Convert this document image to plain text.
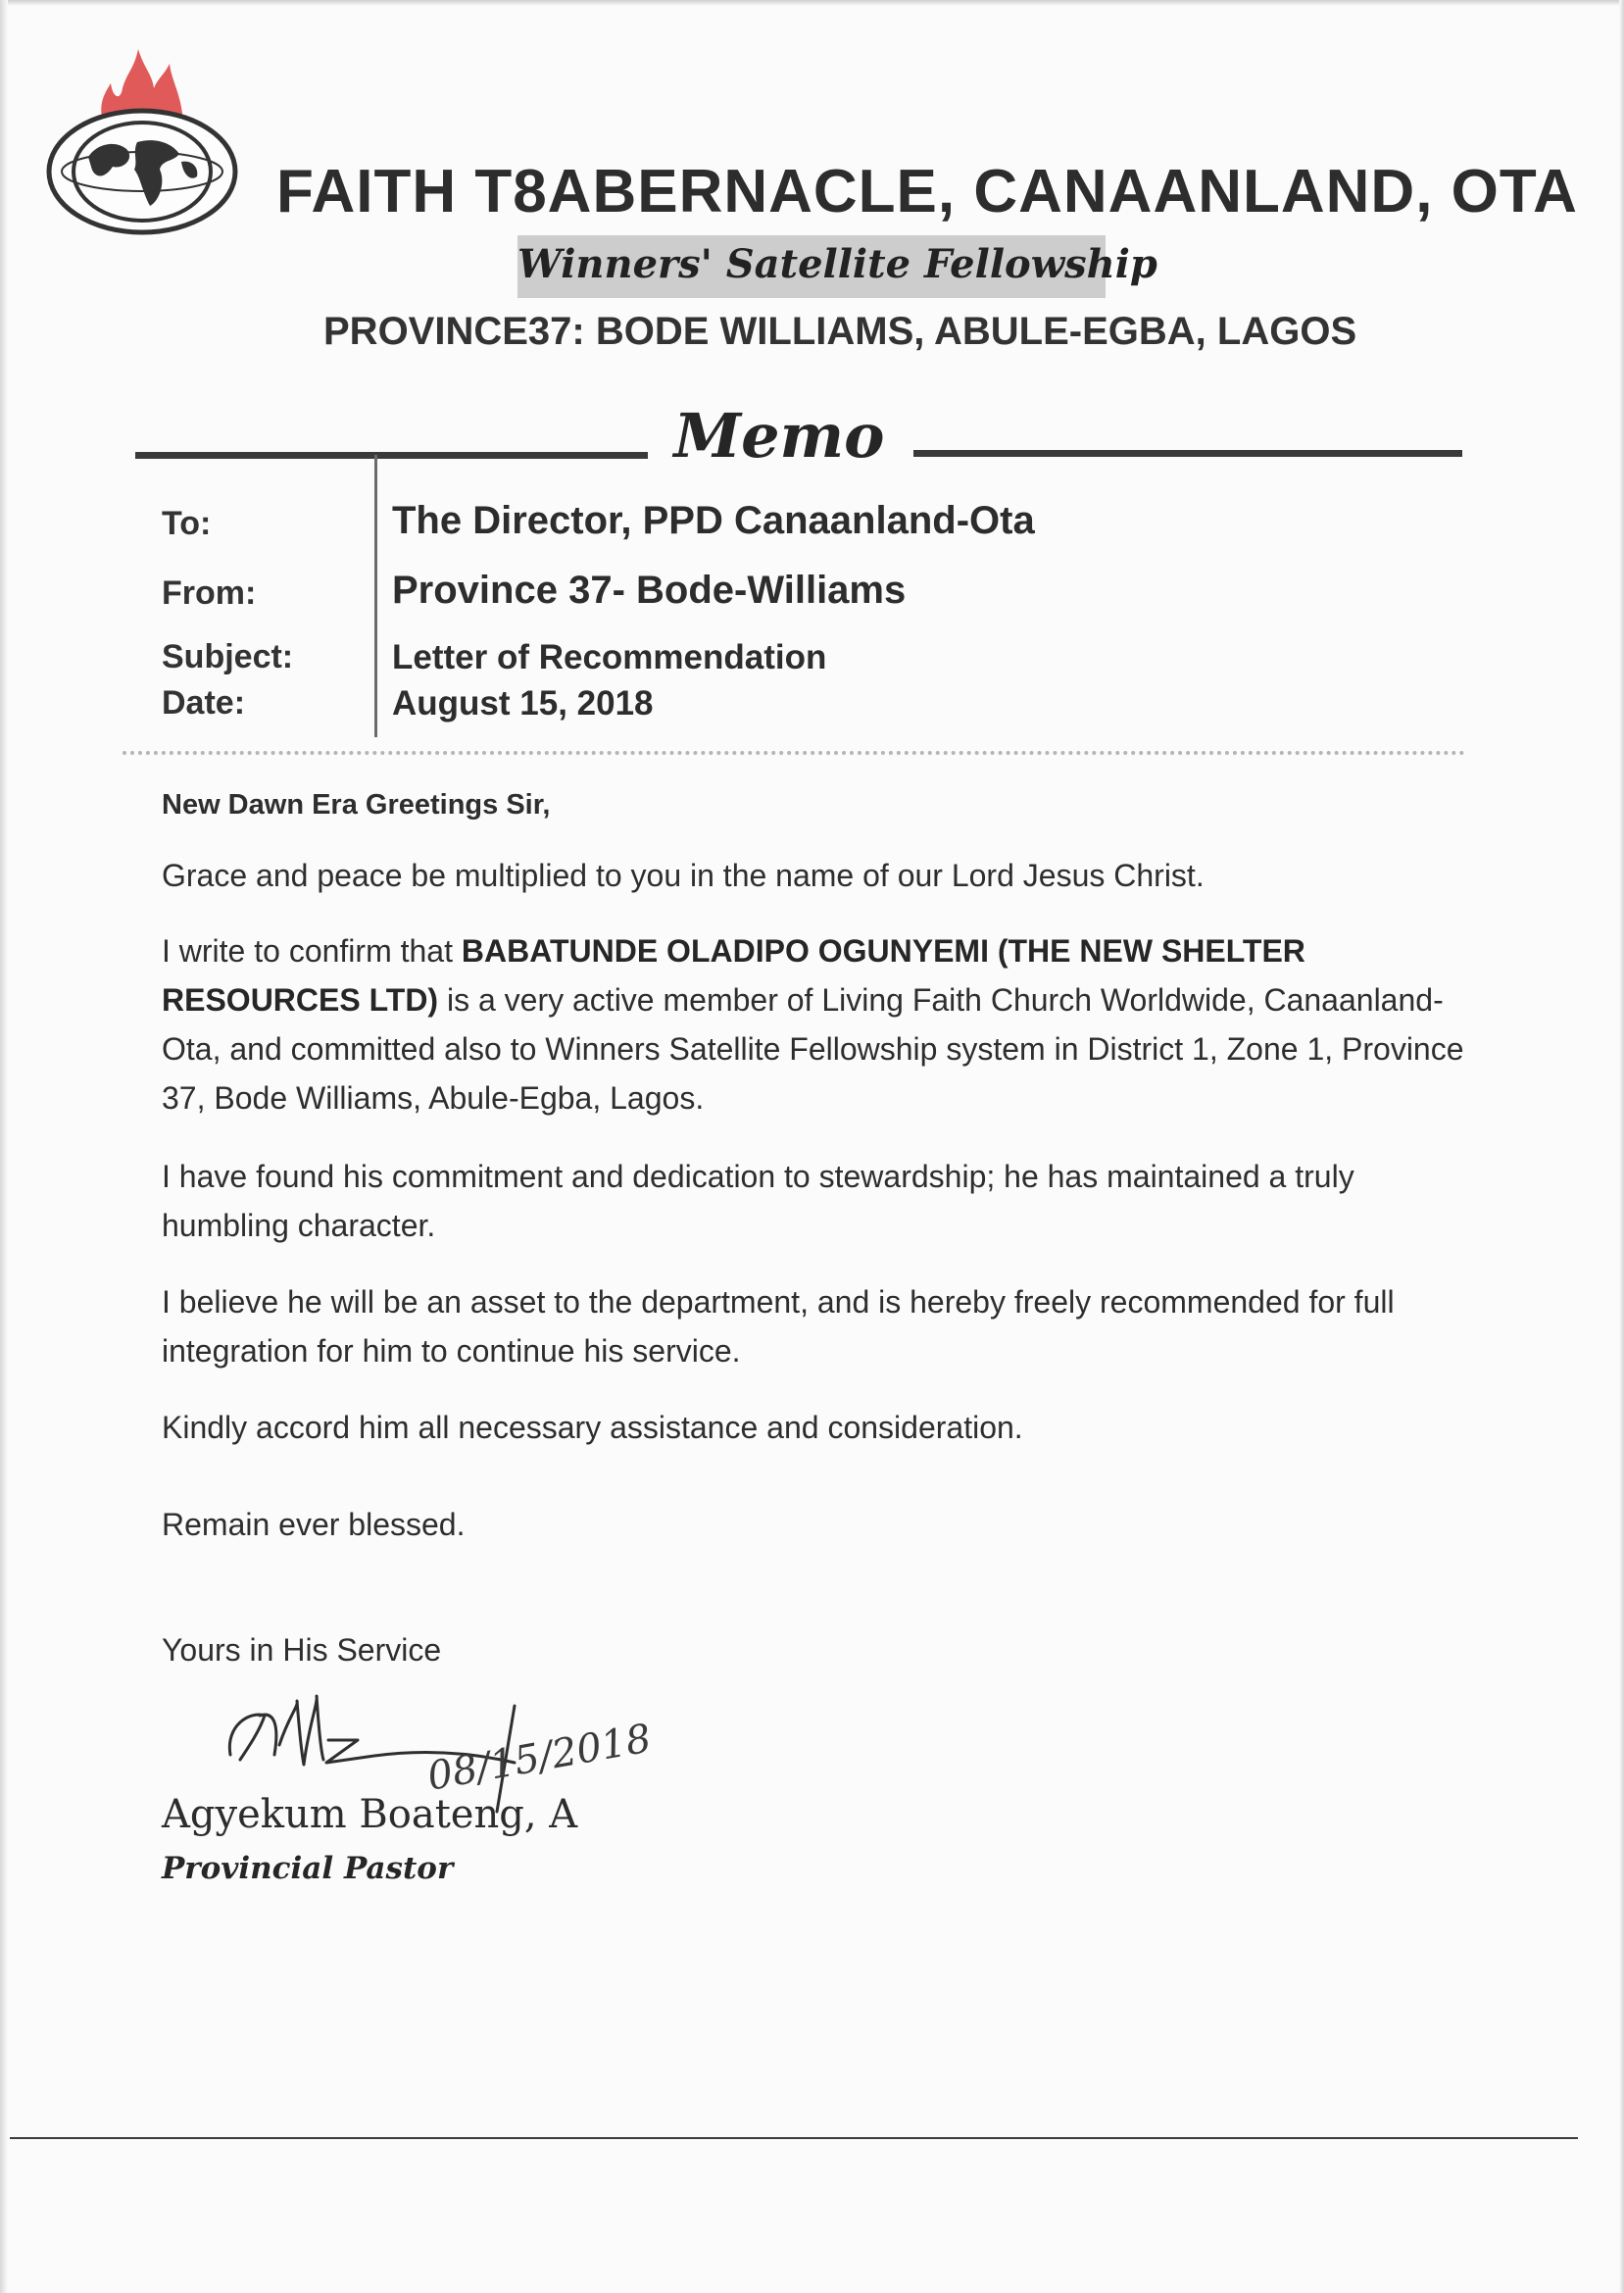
FAITH T8ABERNACLE, CANAANLAND, OTA
Winners' Satellite Fellowship
PROVINCE37: BODE WILLIAMS, ABULE-EGBA, LAGOS
Memo
To:	The Director, PPD Canaanland-Ota
From:	Province 37- Bode-Williams
Subject:	Letter of Recommendation
Date:	August 15, 2018
New Dawn Era Greetings Sir,
Grace and peace be multiplied to you in the name of our Lord Jesus Christ.
I write to confirm that BABATUNDE OLADIPO OGUNYEMI (THE NEW SHELTER RESOURCES LTD) is a very active member of Living Faith Church Worldwide, Canaanland-Ota, and committed also to Winners Satellite Fellowship system in District 1, Zone 1, Province 37, Bode Williams, Abule-Egba, Lagos.
I have found his commitment and dedication to stewardship; he has maintained a truly humbling character.
I believe he will be an asset to the department, and is hereby freely recommended for full integration for him to continue his service.
Kindly accord him all necessary assistance and consideration.
Remain ever blessed.
Yours in His Service
08/15/2018
Agyekum Boateng, A
Provincial Pastor
